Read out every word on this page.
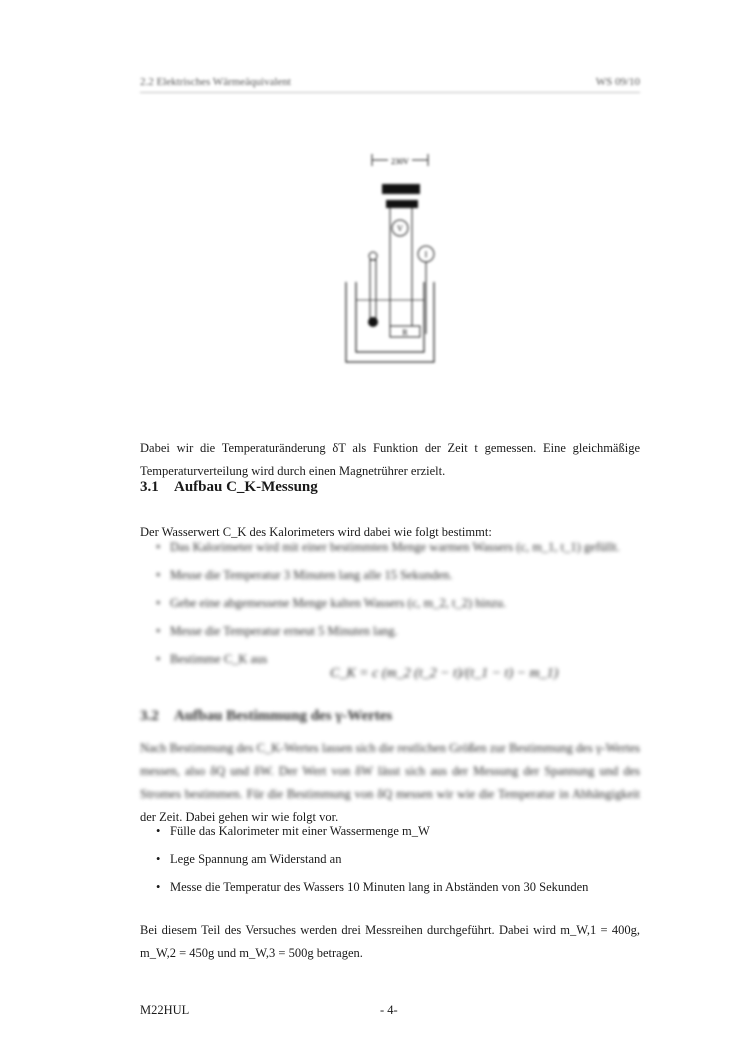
2.2 Elektrisches Wärmeäquivalent	WS 09/10
230V
V
I
R

Dabei wir die Temperaturänderung δT als Funktion der Zeit t gemessen. Eine gleichmäßige Temperaturverteilung wird durch einen Magnetrührer erzielt.

3.1 Aufbau C_K-Messung

Der Wasserwert C_K des Kalorimeters wird dabei wie folgt bestimmt:

• Das Kalorimeter wird mit einer bestimmten Menge warmen Wassers (c, m_1, t_1) gefüllt.
• Messe die Temperatur 3 Minuten lang alle 15 Sekunden.
• Gebe eine abgemessene Menge kalten Wassers (c, m_2, t_2) hinzu.
• Messe die Temperatur erneut 5 Minuten lang.
• Bestimme C_K aus
C_K = c (m_2 (t_2 − t)/(t_1 − t) − m_1)
3.2 Aufbau Bestimmung des γ-Wertes
Nach Bestimmung des C_K-Wertes lassen sich die restlichen Größen zur Bestimmung des γ-Wertes messen, also δQ und δW. Der Wert von δW lässt sich aus der Messung der Spannung und des Stromes bestimmen. Für die Bestimmung von δQ messen wir wie die Temperatur in Abhängigkeit der Zeit. Dabei gehen wir wie folgt vor.
• Fülle das Kalorimeter mit einer Wassermenge m_W
• Lege Spannung am Widerstand an
• Messe die Temperatur des Wassers 10 Minuten lang in Abständen von 30 Sekunden

Bei diesem Teil des Versuches werden drei Messreihen durchgeführt. Dabei wird m_W,1 = 400g, m_W,2 = 450g und m_W,3 = 500g betragen.

M22HUL	- 4-
